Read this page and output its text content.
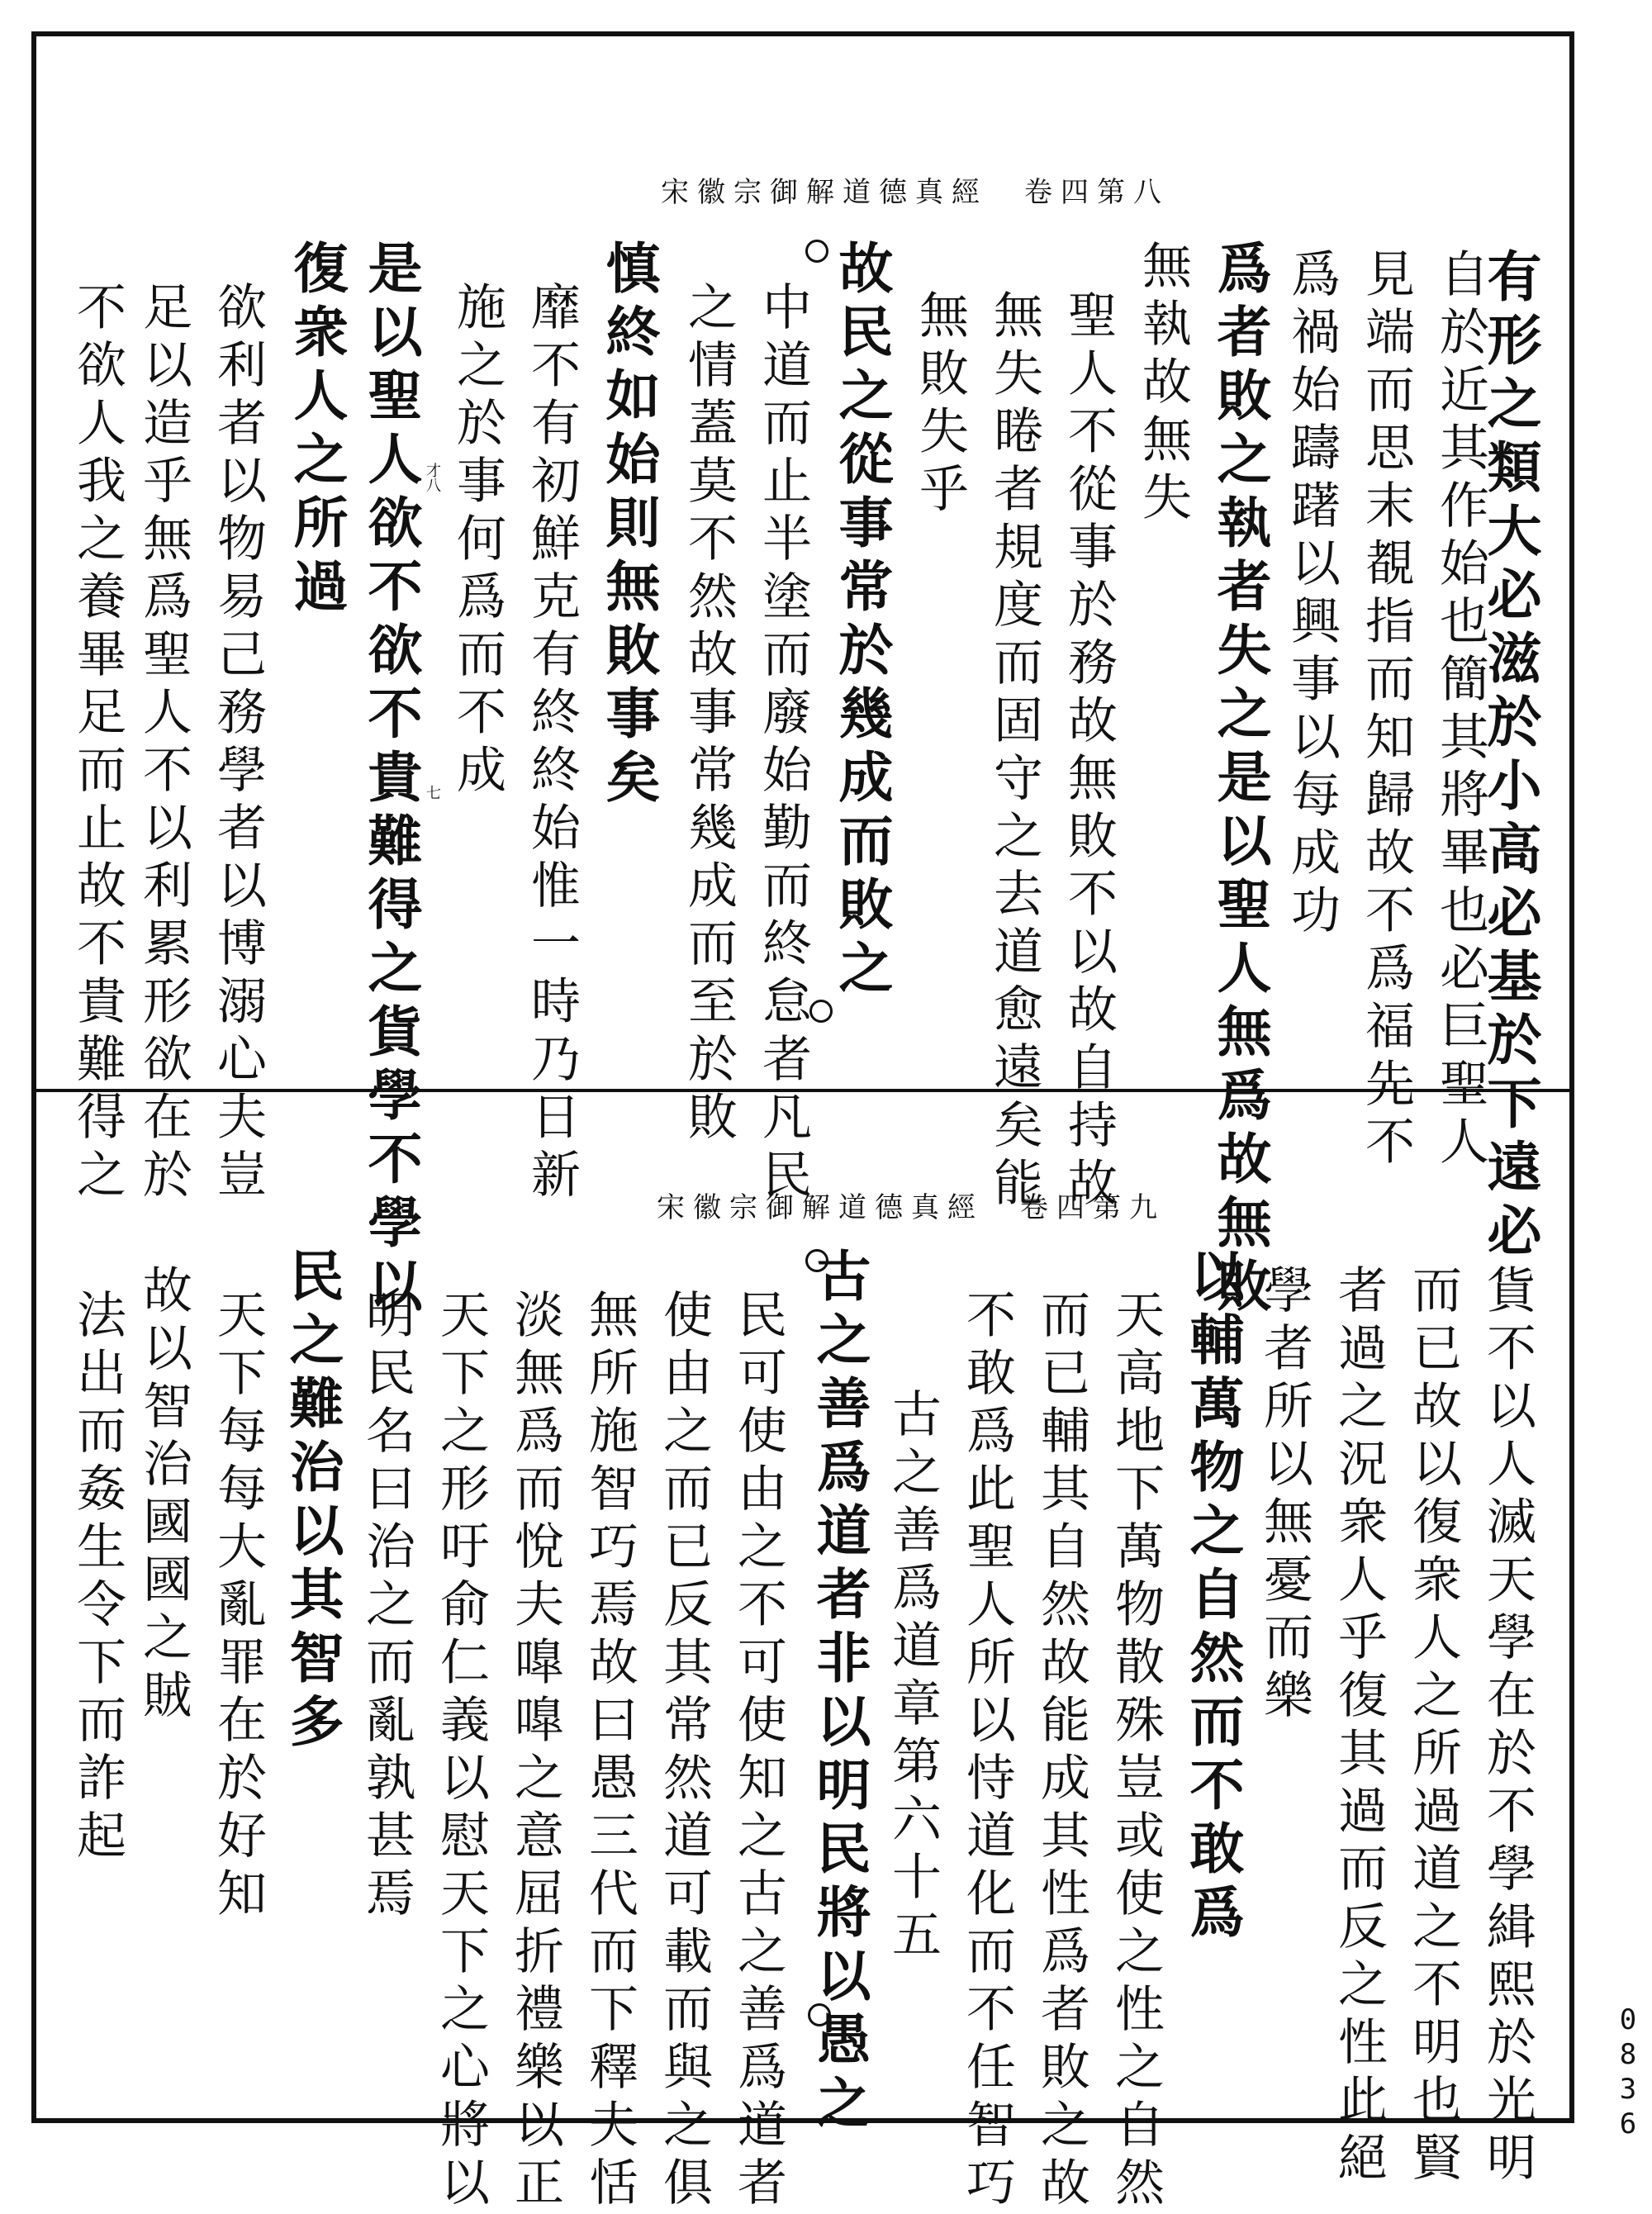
宋徽宗御解道德真經　卷四第八
宋徽宗御解道德真經　卷四第九	有形之類大必滋於小高必基於下遠必
自於近其作始也簡其將畢也必巨聖人
見端而思末覩指而知歸故不爲福先不
爲禍始躊躇以興事以每成功
爲者敗之執者失之是以聖人無爲故無敗
無執故無失
聖人不從事於務故無敗不以故自持故
無失睠者規度而固守之去道愈遠矣能
無敗失乎
故民之從事常於幾成而敗之
中道而止半塗而廢始勤而終怠者凡民
之情蓋莫不然故事常幾成而至於敗
慎終如始則無敗事矣
靡不有初鮮克有終終始惟一時乃日新
施之於事何爲而不成
是以聖人欲不欲不貴難得之貨學不學以
復衆人之所過
欲利者以物易己務學者以博溺心夫豈
足以造乎無爲聖人不以利累形欲在於
不欲人我之養畢足而止故不貴難得之	才八
七
貨不以人滅天學在於不學緝熙於光明
而已故以復衆人之所過道之不明也賢
者過之況衆人乎復其過而反之性此絕
學者所以無憂而樂
以輔萬物之自然而不敢爲
天高地下萬物散殊豈或使之性之自然
而已輔其自然故能成其性爲者敗之故
不敢爲此聖人所以恃道化而不任智巧
古之善爲道章第六十五
古之善爲道者非以明民將以愚之
民可使由之不可使知之古之善爲道者
使由之而已反其常然道可載而與之俱
無所施智巧焉故曰愚三代而下釋夫恬
淡無爲而悅夫嘷嘷之意屈折禮樂以正
天下之形吁俞仁義以慰天下之心將以
明民名曰治之而亂孰甚焉
民之難治以其智多
天下每每大亂罪在於好知
故以智治國國之賊
法出而姦生令下而詐起
0836
